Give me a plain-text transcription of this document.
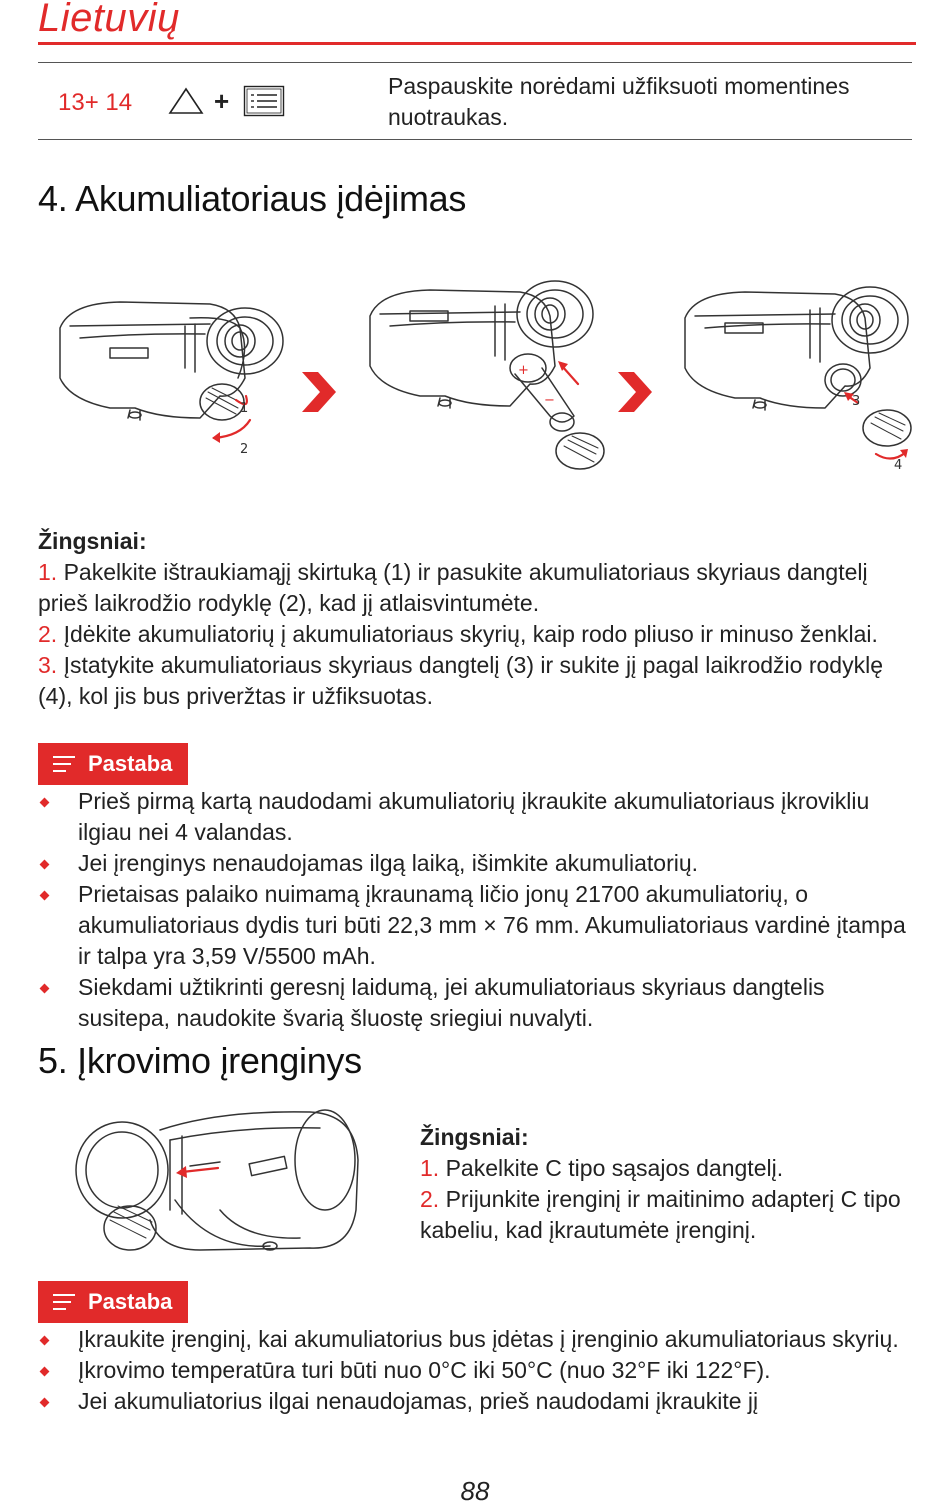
Lietuvių
13+ 14	+	Paspauskite norėdami užfiksuoti momentines nuotraukas.
4. Akumuliatoriaus įdėjimas
+
−
1
2
3
4
Žingsniai:
1. Pakelkite ištraukiamąjį skirtuką (1) ir pasukite akumuliatoriaus skyriaus dangtelį prieš laikrodžio rodyklę (2), kad jį atlaisvintumėte.
2. Įdėkite akumuliatorių į akumuliatoriaus skyrių, kaip rodo pliuso ir minuso ženklai.
3. Įstatykite akumuliatoriaus skyriaus dangtelį (3) ir sukite jį pagal laikrodžio rodyklę (4), kol jis bus priveržtas ir užfiksuotas.
Pastaba
Prieš pirmą kartą naudodami akumuliatorių įkraukite akumuliatoriaus įkrovikliu ilgiau nei 4 valandas.
Jei įrenginys nenaudojamas ilgą laiką, išimkite akumuliatorių.
Prietaisas palaiko nuimamą įkraunamą ličio jonų 21700 akumuliatorių, o akumuliatoriaus dydis turi būti 22,3 mm × 76 mm. Akumuliatoriaus vardinė įtampa ir talpa yra 3,59 V/5500 mAh.
Siekdami užtikrinti geresnį laidumą, jei akumuliatoriaus skyriaus dangtelis susitepa, naudokite švarią šluostę sriegiui nuvalyti.
5. Įkrovimo įrenginys
Žingsniai:
1. Pakelkite C tipo sąsajos dangtelį.
2. Prijunkite įrenginį ir maitinimo adapterį C tipo kabeliu, kad įkrautumėte įrenginį.
Pastaba
Įkraukite įrenginį, kai akumuliatorius bus įdėtas į įrenginio akumuliatoriaus skyrių.
Įkrovimo temperatūra turi būti nuo 0°C iki 50°C (nuo 32°F iki 122°F).
Jei akumuliatorius ilgai nenaudojamas, prieš naudodami įkraukite jį
88
